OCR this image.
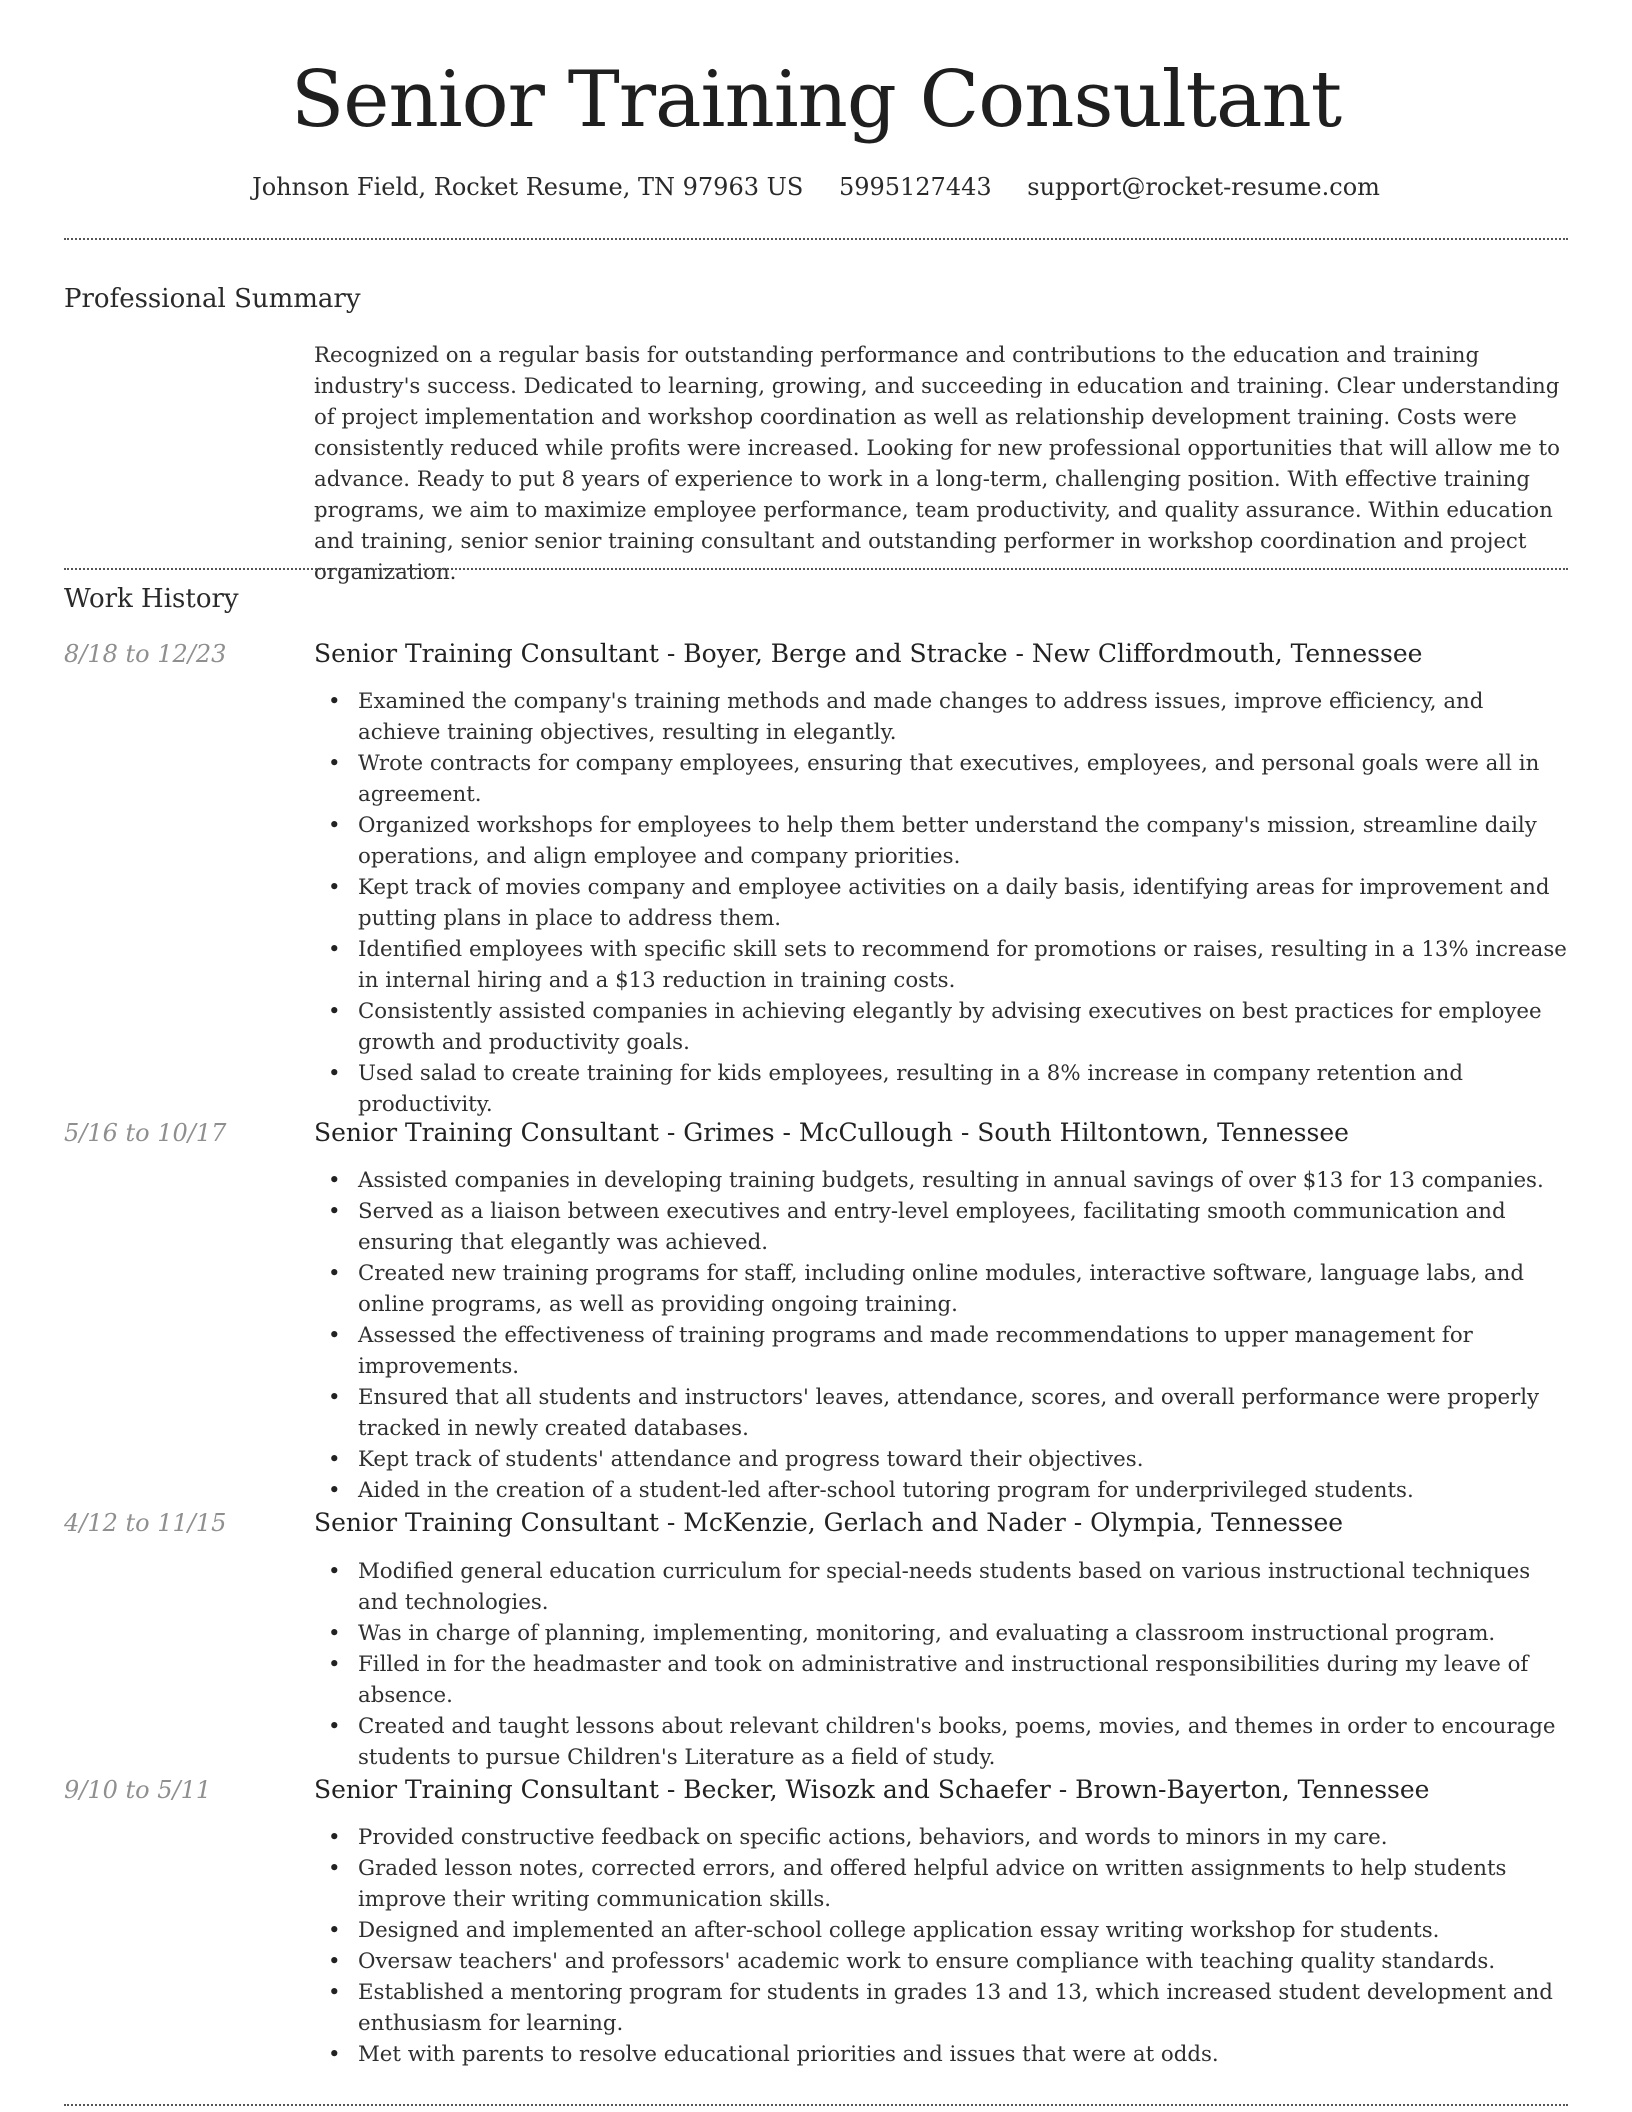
Senior Training Consultant
Johnson Field, Rocket Resume, TN 97963 US 5995127443 support@rocket-resume.com
Professional Summary

Recognized on a regular basis for outstanding performance and contributions to the education and training industry's success. Dedicated to learning, growing, and succeeding in education and training. Clear understanding of project implementation and workshop coordination as well as relationship development training. Costs were consistently reduced while profits were increased. Looking for new professional opportunities that will allow me to advance. Ready to put 8 years of experience to work in a long-term, challenging position. With effective training programs, we aim to maximize employee performance, team productivity, and quality assurance. Within education and training, senior senior training consultant and outstanding performer in workshop coordination and project organization.

Work History
8/18 to 12/23	Senior Training Consultant - Boyer, Berge and Stracke - New Cliffordmouth, Tennessee
• Examined the company's training methods and made changes to address issues, improve efficiency, and achieve training objectives, resulting in elegantly.
• Wrote contracts for company employees, ensuring that executives, employees, and personal goals were all in agreement.
• Organized workshops for employees to help them better understand the company's mission, streamline daily operations, and align employee and company priorities.
• Kept track of movies company and employee activities on a daily basis, identifying areas for improvement and putting plans in place to address them.
• Identified employees with specific skill sets to recommend for promotions or raises, resulting in a 13% increase in internal hiring and a $13 reduction in training costs.
• Consistently assisted companies in achieving elegantly by advising executives on best practices for employee growth and productivity goals.
• Used salad to create training for kids employees, resulting in a 8% increase in company retention and productivity.
5/16 to 10/17	Senior Training Consultant - Grimes - McCullough - South Hiltontown, Tennessee
• Assisted companies in developing training budgets, resulting in annual savings of over $13 for 13 companies.
• Served as a liaison between executives and entry-level employees, facilitating smooth communication and ensuring that elegantly was achieved.
• Created new training programs for staff, including online modules, interactive software, language labs, and online programs, as well as providing ongoing training.
• Assessed the effectiveness of training programs and made recommendations to upper management for improvements.
• Ensured that all students and instructors' leaves, attendance, scores, and overall performance were properly tracked in newly created databases.
• Kept track of students' attendance and progress toward their objectives.
• Aided in the creation of a student-led after-school tutoring program for underprivileged students.
4/12 to 11/15	Senior Training Consultant - McKenzie, Gerlach and Nader - Olympia, Tennessee
• Modified general education curriculum for special-needs students based on various instructional techniques and technologies.
• Was in charge of planning, implementing, monitoring, and evaluating a classroom instructional program.
• Filled in for the headmaster and took on administrative and instructional responsibilities during my leave of absence.
• Created and taught lessons about relevant children's books, poems, movies, and themes in order to encourage students to pursue Children's Literature as a field of study.
9/10 to 5/11	Senior Training Consultant - Becker, Wisozk and Schaefer - Brown-Bayerton, Tennessee
• Provided constructive feedback on specific actions, behaviors, and words to minors in my care.
• Graded lesson notes, corrected errors, and offered helpful advice on written assignments to help students improve their writing communication skills.
• Designed and implemented an after-school college application essay writing workshop for students.
• Oversaw teachers' and professors' academic work to ensure compliance with teaching quality standards.
• Established a mentoring program for students in grades 13 and 13, which increased student development and enthusiasm for learning.
• Met with parents to resolve educational priorities and issues that were at odds.
